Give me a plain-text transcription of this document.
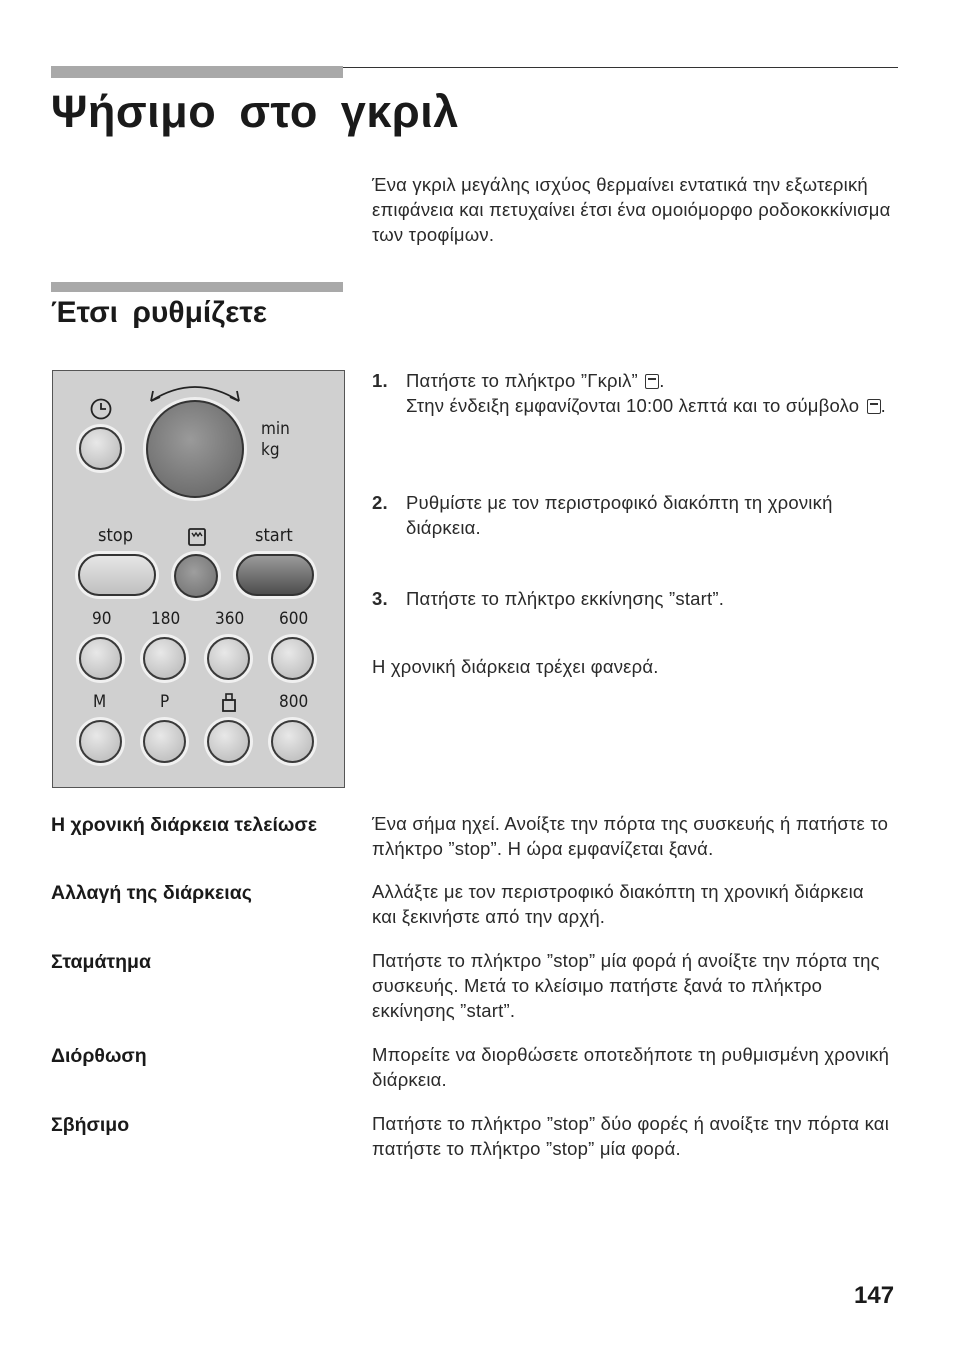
Ψήσιμο στο γκριλ
Ένα γκριλ μεγάλης ισχύος θερμαίνει εντατικά την εξωτερική επιφάνεια και πετυχαίνει έτσι ένα ομοιόμορφο ροδοκοκκίνισμα των τροφίμων.
Έτσι ρυθμίζετε
min
kg
stop	start
90 180 360 600
M	P	800
1. Πατήστε το πλήκτρο ”Γκριλ” .
Στην ένδειξη εμφανίζονται 10:00 λεπτά και το σύμβολο .
2. Ρυθμίστε με τον περιστροφικό διακόπτη τη χρονική διάρκεια.
3. Πατήστε το πλήκτρο εκκίνησης ”start”.
Η χρονική διάρκεια τρέχει φανερά.
Η χρονική διάρκεια τελείωσε	Ένα σήμα ηχεί. Ανοίξτε την πόρτα της συσκευής ή πατήστε το πλήκτρο ”stop”. Η ώρα εμφανίζεται ξανά.
Αλλαγή της διάρκειας	Αλλάξτε με τον περιστροφικό διακόπτη τη χρονική διάρκεια και ξεκινήστε από την αρχή.
Σταμάτημα	Πατήστε το πλήκτρο ”stop” μία φορά ή ανοίξτε την πόρτα της συσκευής. Μετά το κλείσιμο πατήστε ξανά το πλήκτρο εκκίνησης ”start”.
Διόρθωση	Μπορείτε να διορθώσετε οποτεδήποτε τη ρυθμισμένη χρονική διάρκεια.
Σβήσιμο	Πατήστε το πλήκτρο ”stop” δύο φορές ή ανοίξτε την πόρτα και πατήστε το πλήκτρο ”stop” μία φορά.
147
